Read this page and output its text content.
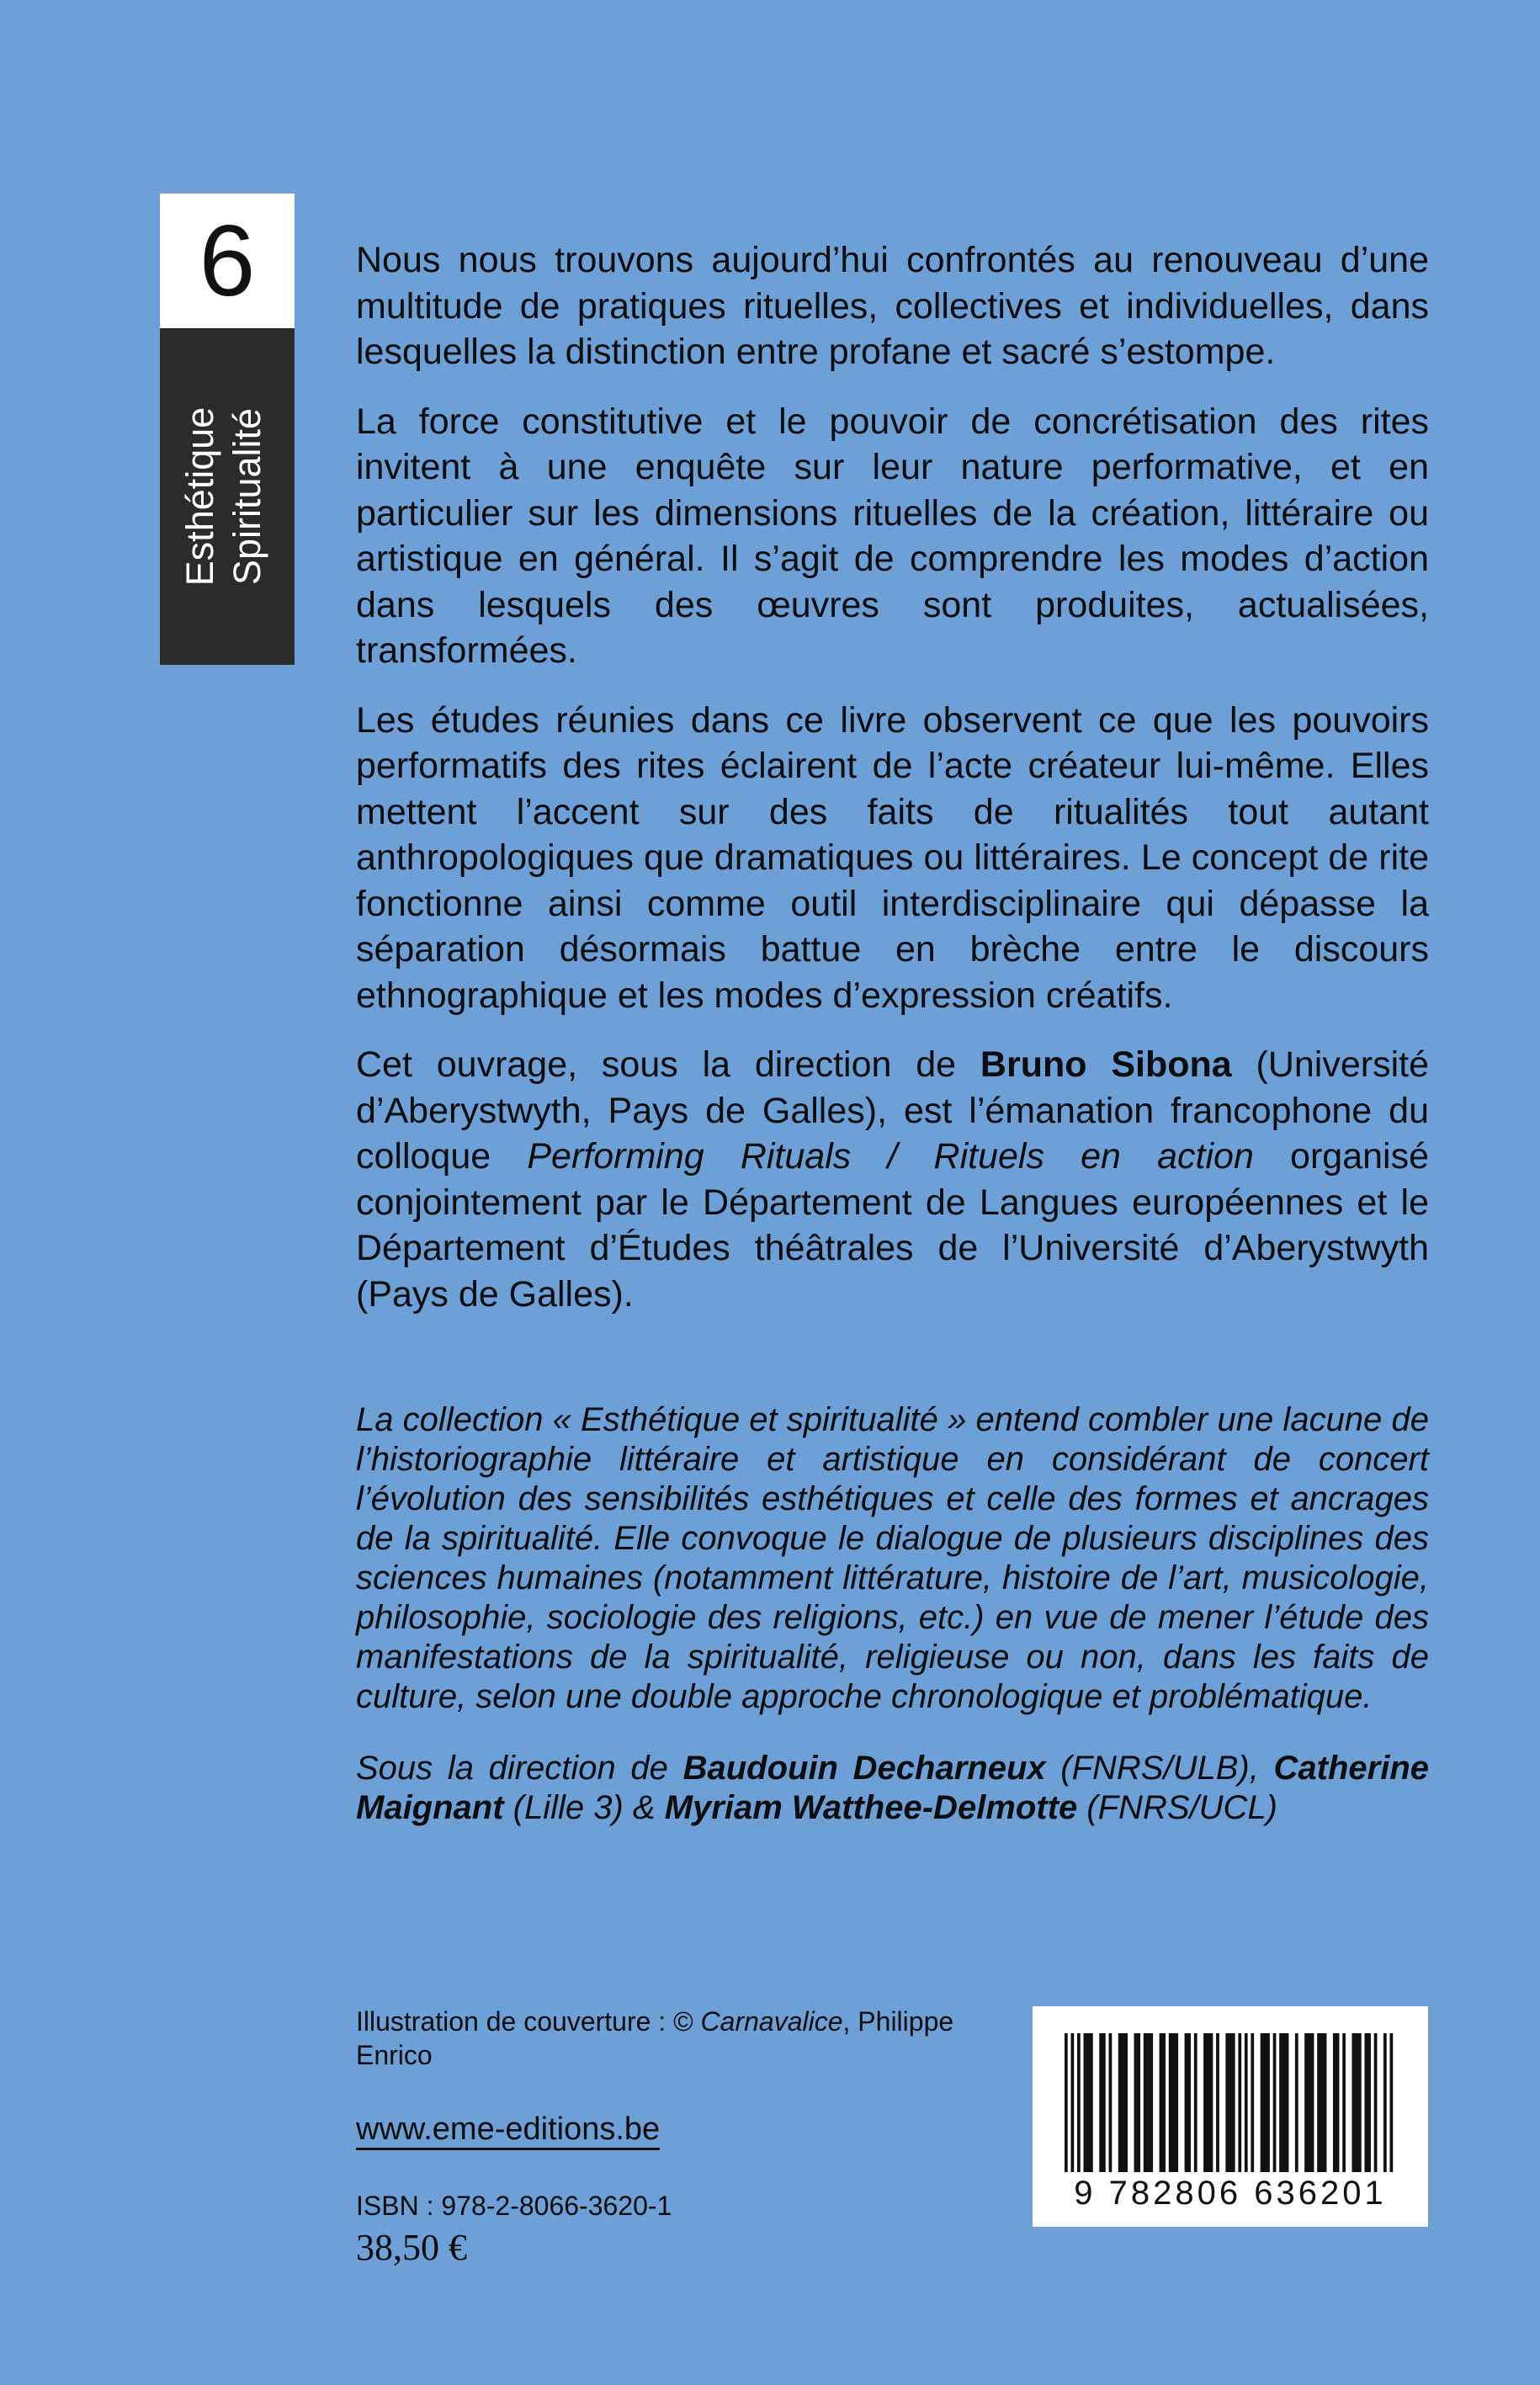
6
Esthétique Spiritualité

Nous nous trouvons aujourd’hui confrontés au renouveau d’une multitude de pratiques rituelles, collectives et individuelles, dans lesquelles la distinction entre profane et sacré s’estompe.

La force constitutive et le pouvoir de concrétisation des rites invitent à une enquête sur leur nature performative, et en particulier sur les dimensions rituelles de la création, littéraire ou artistique en général. Il s’agit de comprendre les modes d’action dans lesquels des œuvres sont produites, actualisées, transformées.

Les études réunies dans ce livre observent ce que les pouvoirs performatifs des rites éclairent de l’acte créateur lui-même. Elles mettent l’accent sur des faits de ritualités tout autant anthropologiques que dramatiques ou littéraires. Le concept de rite fonctionne ainsi comme outil interdisciplinaire qui dépasse la séparation désormais battue en brèche entre le discours ethnographique et les modes d’expression créatifs.

Cet ouvrage, sous la direction de Bruno Sibona (Université d’Aberystwyth, Pays de Galles), est l’émanation francophone du colloque Performing Rituals / Rituels en action organisé conjointement par le Département de Langues européennes et le Département d’Études théâtrales de l’Université d’Aberystwyth (Pays de Galles).

La collection « Esthétique et spiritualité » entend combler une lacune de l’historiographie littéraire et artistique en considérant de concert l’évolution des sensibilités esthétiques et celle des formes et ancrages de la spiritualité. Elle convoque le dialogue de plusieurs disciplines des sciences humaines (notamment littérature, histoire de l’art, musicologie, philosophie, sociologie des religions, etc.) en vue de mener l’étude des manifestations de la spiritualité, religieuse ou non, dans les faits de culture, selon une double approche chronologique et problématique.

Sous la direction de Baudouin Decharneux (FNRS/ULB), Catherine Maignant (Lille 3) & Myriam Watthee-Delmotte (FNRS/UCL)

Illustration de couverture : © Carnavalice, Philippe Enrico
www.eme-editions.be
ISBN : 978-2-8066-3620-1
38,50 €
9 782806 636201
